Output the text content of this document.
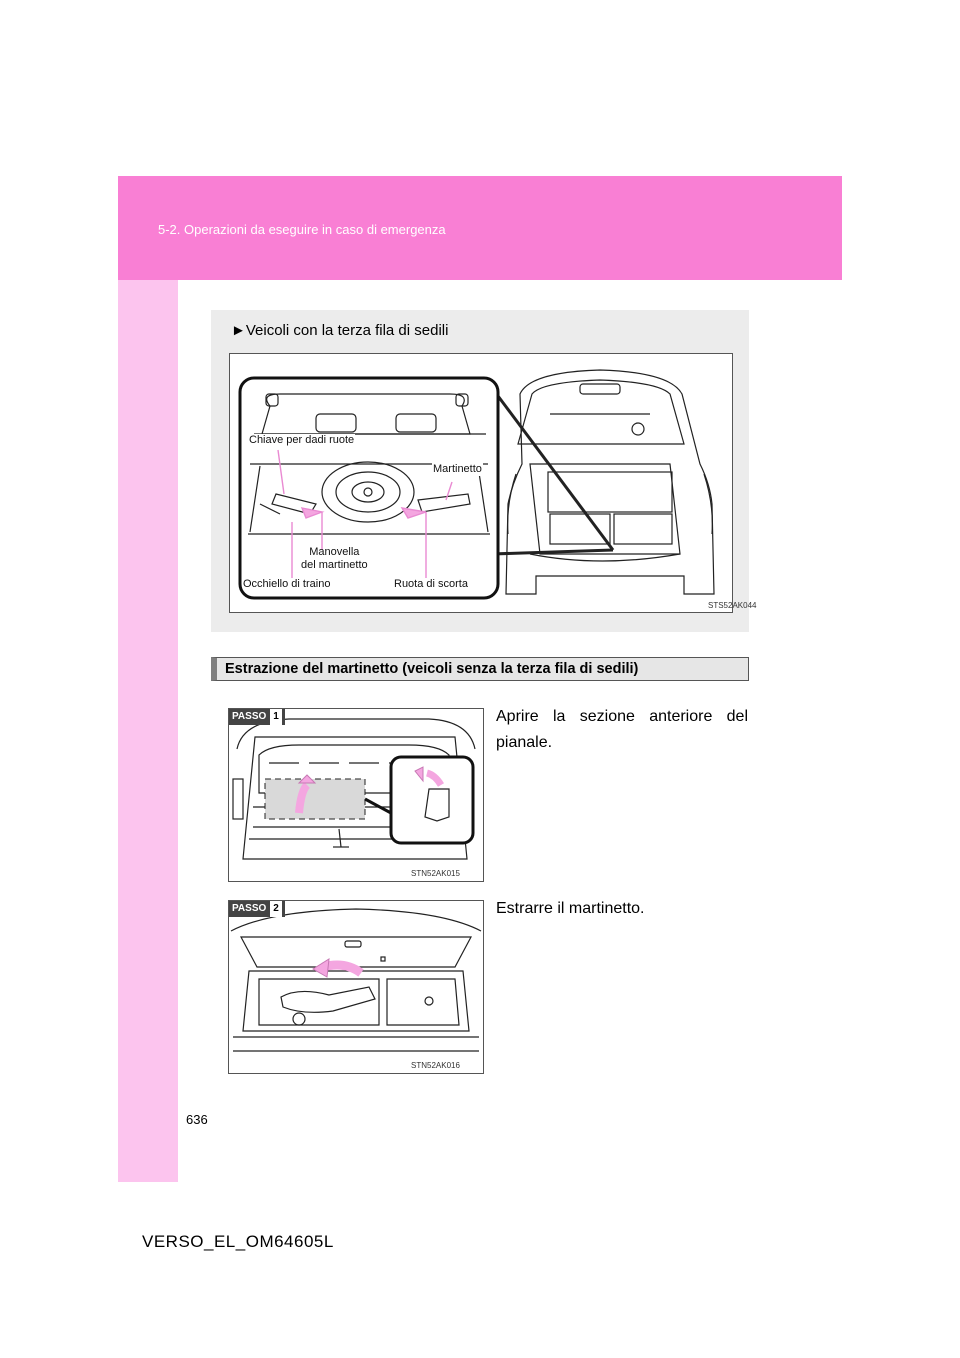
5-2. Operazioni da eseguire in caso di emergenza
►Veicoli con la terza fila di sedili
STS52AK044
Chiave per dadi ruote
Martinetto
Manovella
del martinetto
Occhiello di traino	Ruota di scorta
Estrazione del martinetto (veicoli senza la terza fila di sedili)
STN52AK015
PASSO 1	Aprire la sezione anteriore del pianale.
STN52AK016
PASSO 2	Estrarre il martinetto.
636
VERSO_EL_OM64605L
